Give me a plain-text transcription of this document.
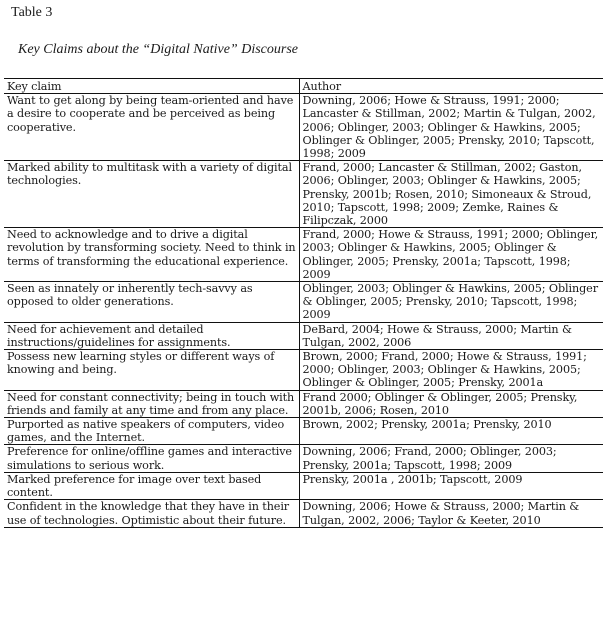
Table 3
Key Claims about the “Digital Native” Discourse
Key claim	Author
Want to get along by being team-oriented and have a desire to cooperate and be perceived as being cooperative.	Downing, 2006; Howe & Strauss, 1991; 2000; Lancaster & Stillman, 2002; Martin & Tulgan, 2002, 2006; Oblinger, 2003; Oblinger & Hawkins, 2005; Oblinger & Oblinger, 2005; Prensky, 2010; Tapscott, 1998; 2009
Marked ability to multitask with a variety of digital technologies.	Frand, 2000; Lancaster & Stillman, 2002; Gaston, 2006; Oblinger, 2003; Oblinger & Hawkins, 2005; Prensky, 2001b; Rosen, 2010; Simoneaux & Stroud, 2010; Tapscott, 1998; 2009; Zemke, Raines & Filipczak, 2000
Need to acknowledge and to drive a digital revolution by transforming society. Need to think in terms of transforming the educational experience.	Frand, 2000; Howe & Strauss, 1991; 2000; Oblinger, 2003; Oblinger & Hawkins, 2005; Oblinger & Oblinger, 2005; Prensky, 2001a; Tapscott, 1998; 2009
Seen as innately or inherently tech-savvy as opposed to older generations.	Oblinger, 2003; Oblinger & Hawkins, 2005; Oblinger & Oblinger, 2005; Prensky, 2010; Tapscott, 1998; 2009
Need for achievement and detailed instructions/guidelines for assignments.	DeBard, 2004; Howe & Strauss, 2000; Martin & Tulgan, 2002, 2006
Possess new learning styles or different ways of knowing and being.	Brown, 2000; Frand, 2000; Howe & Strauss, 1991; 2000; Oblinger, 2003; Oblinger & Hawkins, 2005; Oblinger & Oblinger, 2005; Prensky, 2001a
Need for constant connectivity; being in touch with friends and family at any time and from any place.	Frand 2000; Oblinger & Oblinger, 2005; Prensky, 2001b, 2006; Rosen, 2010
Purported as native speakers of computers, video games, and the Internet.	Brown, 2002; Prensky, 2001a; Prensky, 2010
Preference for online/offline games and interactive simulations to serious work.	Downing, 2006; Frand, 2000; Oblinger, 2003; Prensky, 2001a; Tapscott, 1998; 2009
Marked preference for image over text based content.	Prensky, 2001a , 2001b; Tapscott, 2009
Confident in the knowledge that they have in their use of technologies. Optimistic about their future.	Downing, 2006; Howe & Strauss, 2000; Martin & Tulgan, 2002, 2006; Taylor & Keeter, 2010
